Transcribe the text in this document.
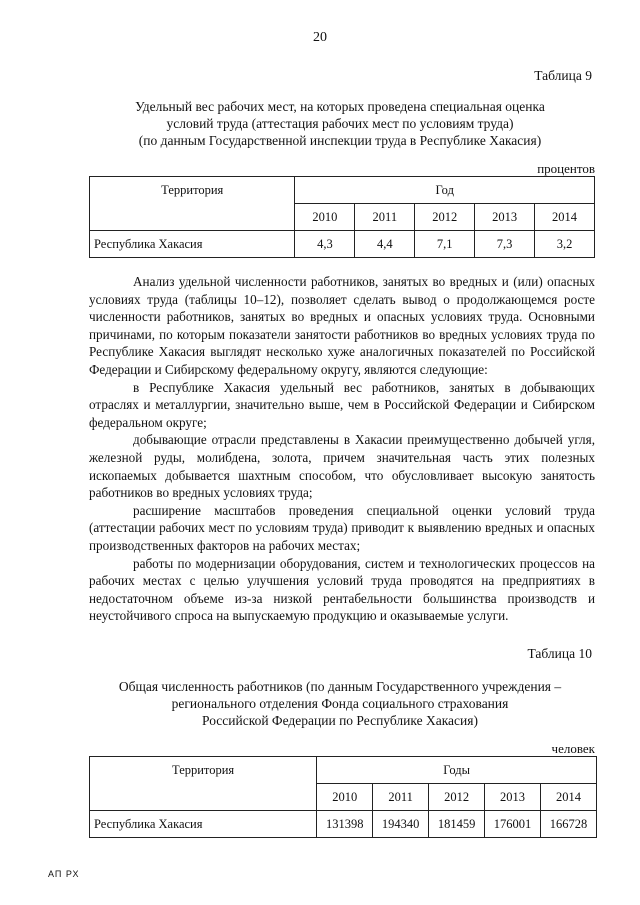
20
Таблица 9
Удельный вес рабочих мест, на которых проведена специальная оценка
условий труда (аттестация рабочих мест по условиям труда)
(по данным Государственной инспекции труда в Республике Хакасия)
процентов
Территория	Год				
	2010	2011	2012	2013	2014
Республика Хакасия	4,3	4,4	7,1	7,3	3,2

Анализ удельной численности работников, занятых во вредных и (или) опасных условиях труда (таблицы 10–12), позволяет сделать вывод о продолжающемся росте численности работников, занятых во вредных и опасных условиях труда. Основными причинами, по которым показатели занятости работников во вредных условиях труда по Республике Хакасия выглядят несколько хуже аналогичных показателей по Российской Федерации и Сибирскому федеральному округу, являются следующие:

в Республике Хакасия удельный вес работников, занятых в добывающих отраслях и металлургии, значительно выше, чем в Российской Федерации и Сибирском федеральном округе;

добывающие отрасли представлены в Хакасии преимущественно добычей угля, железной руды, молибдена, золота, причем значительная часть этих полезных ископаемых добывается шахтным способом, что обусловливает высокую занятость работников во вредных условиях труда;

расширение масштабов проведения специальной оценки условий труда (аттестации рабочих мест по условиям труда) приводит к выявлению вредных и опасных производственных факторов на рабочих местах;

работы по модернизации оборудования, систем и технологических процессов на рабочих местах с целью улучшения условий труда проводятся на предприятиях в недостаточном объеме из-за низкой рентабельности большинства производств и неустойчивого спроса на выпускаемую продукцию и оказываемые услуги.

Таблица 10
Общая численность работников (по данным Государственного учреждения –
регионального отделения Фонда социального страхования
Российской Федерации по Республике Хакасия)
человек
Территория	Годы				
	2010	2011	2012	2013	2014
Республика Хакасия	131398	194340	181459	176001	166728
АП РХ
